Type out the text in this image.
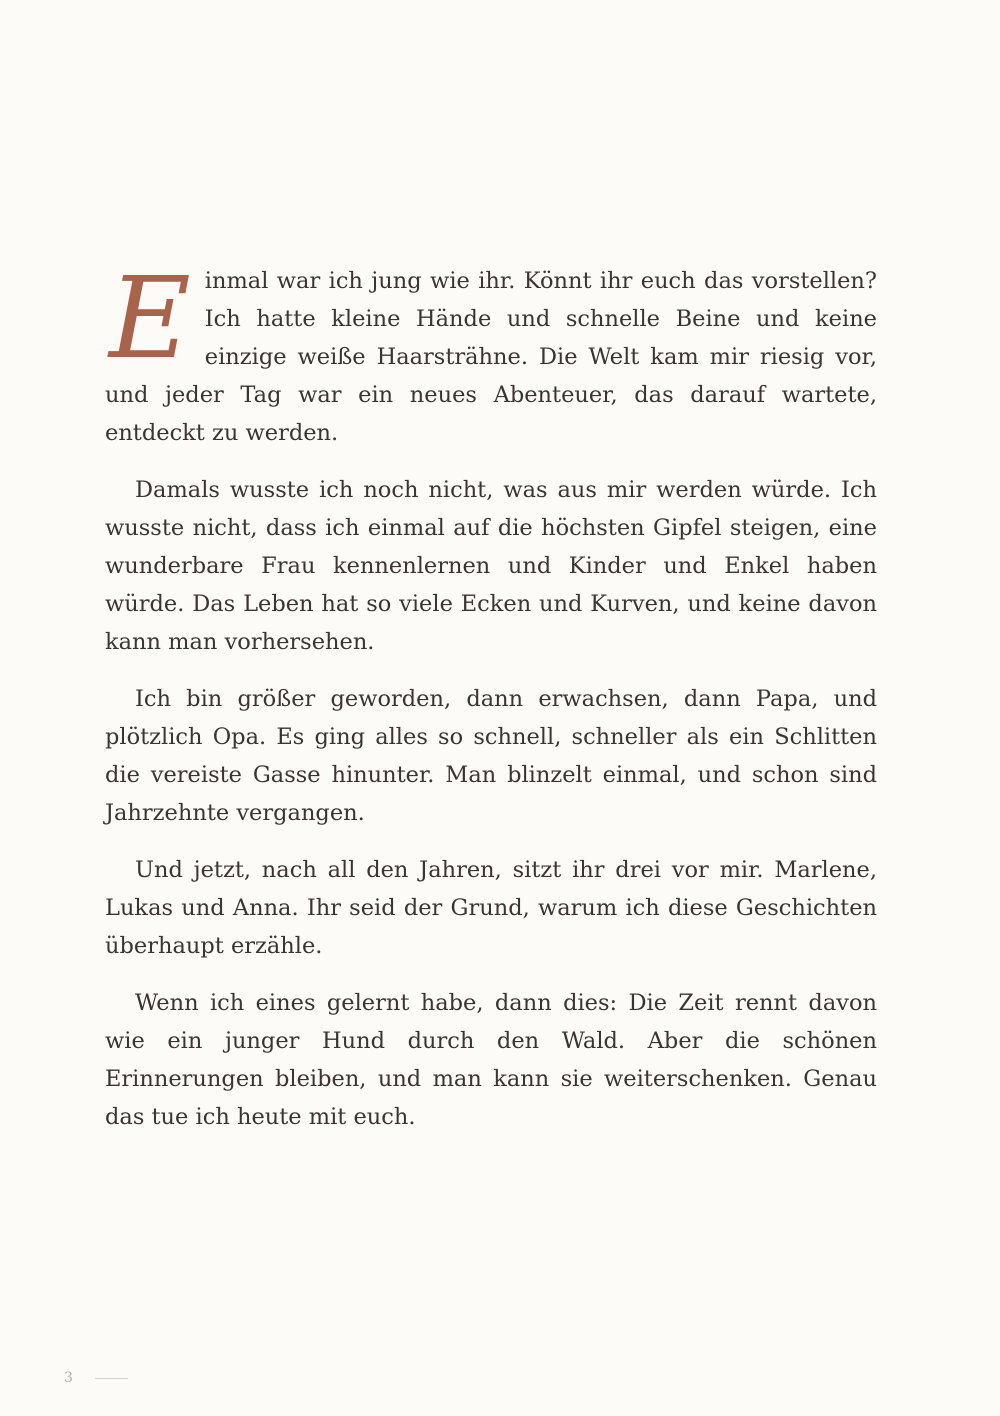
Einmal war ich jung wie ihr. Könnt ihr euch das vorstellen? Ich hatte kleine Hände und schnelle Beine und keine einzige weiße Haarsträhne. Die Welt kam mir riesig vor, und jeder Tag war ein neues Abenteuer, das darauf wartete, entdeckt zu werden.

Damals wusste ich noch nicht, was aus mir werden würde. Ich wusste nicht, dass ich einmal auf die höchsten Gipfel steigen, eine wunderbare Frau kennenlernen und Kinder und Enkel haben würde. Das Leben hat so viele Ecken und Kurven, und keine davon kann man vorhersehen.

Ich bin größer geworden, dann erwachsen, dann Papa, und plötzlich Opa. Es ging alles so schnell, schneller als ein Schlitten die vereiste Gasse hinunter. Man blinzelt einmal, und schon sind Jahrzehnte vergangen.

Und jetzt, nach all den Jahren, sitzt ihr drei vor mir. Marlene, Lukas und Anna. Ihr seid der Grund, warum ich diese Geschichten überhaupt erzähle.

Wenn ich eines gelernt habe, dann dies: Die Zeit rennt davon wie ein junger Hund durch den Wald. Aber die schönen Erinnerungen bleiben, und man kann sie weiterschenken. Genau das tue ich heute mit euch.

3
